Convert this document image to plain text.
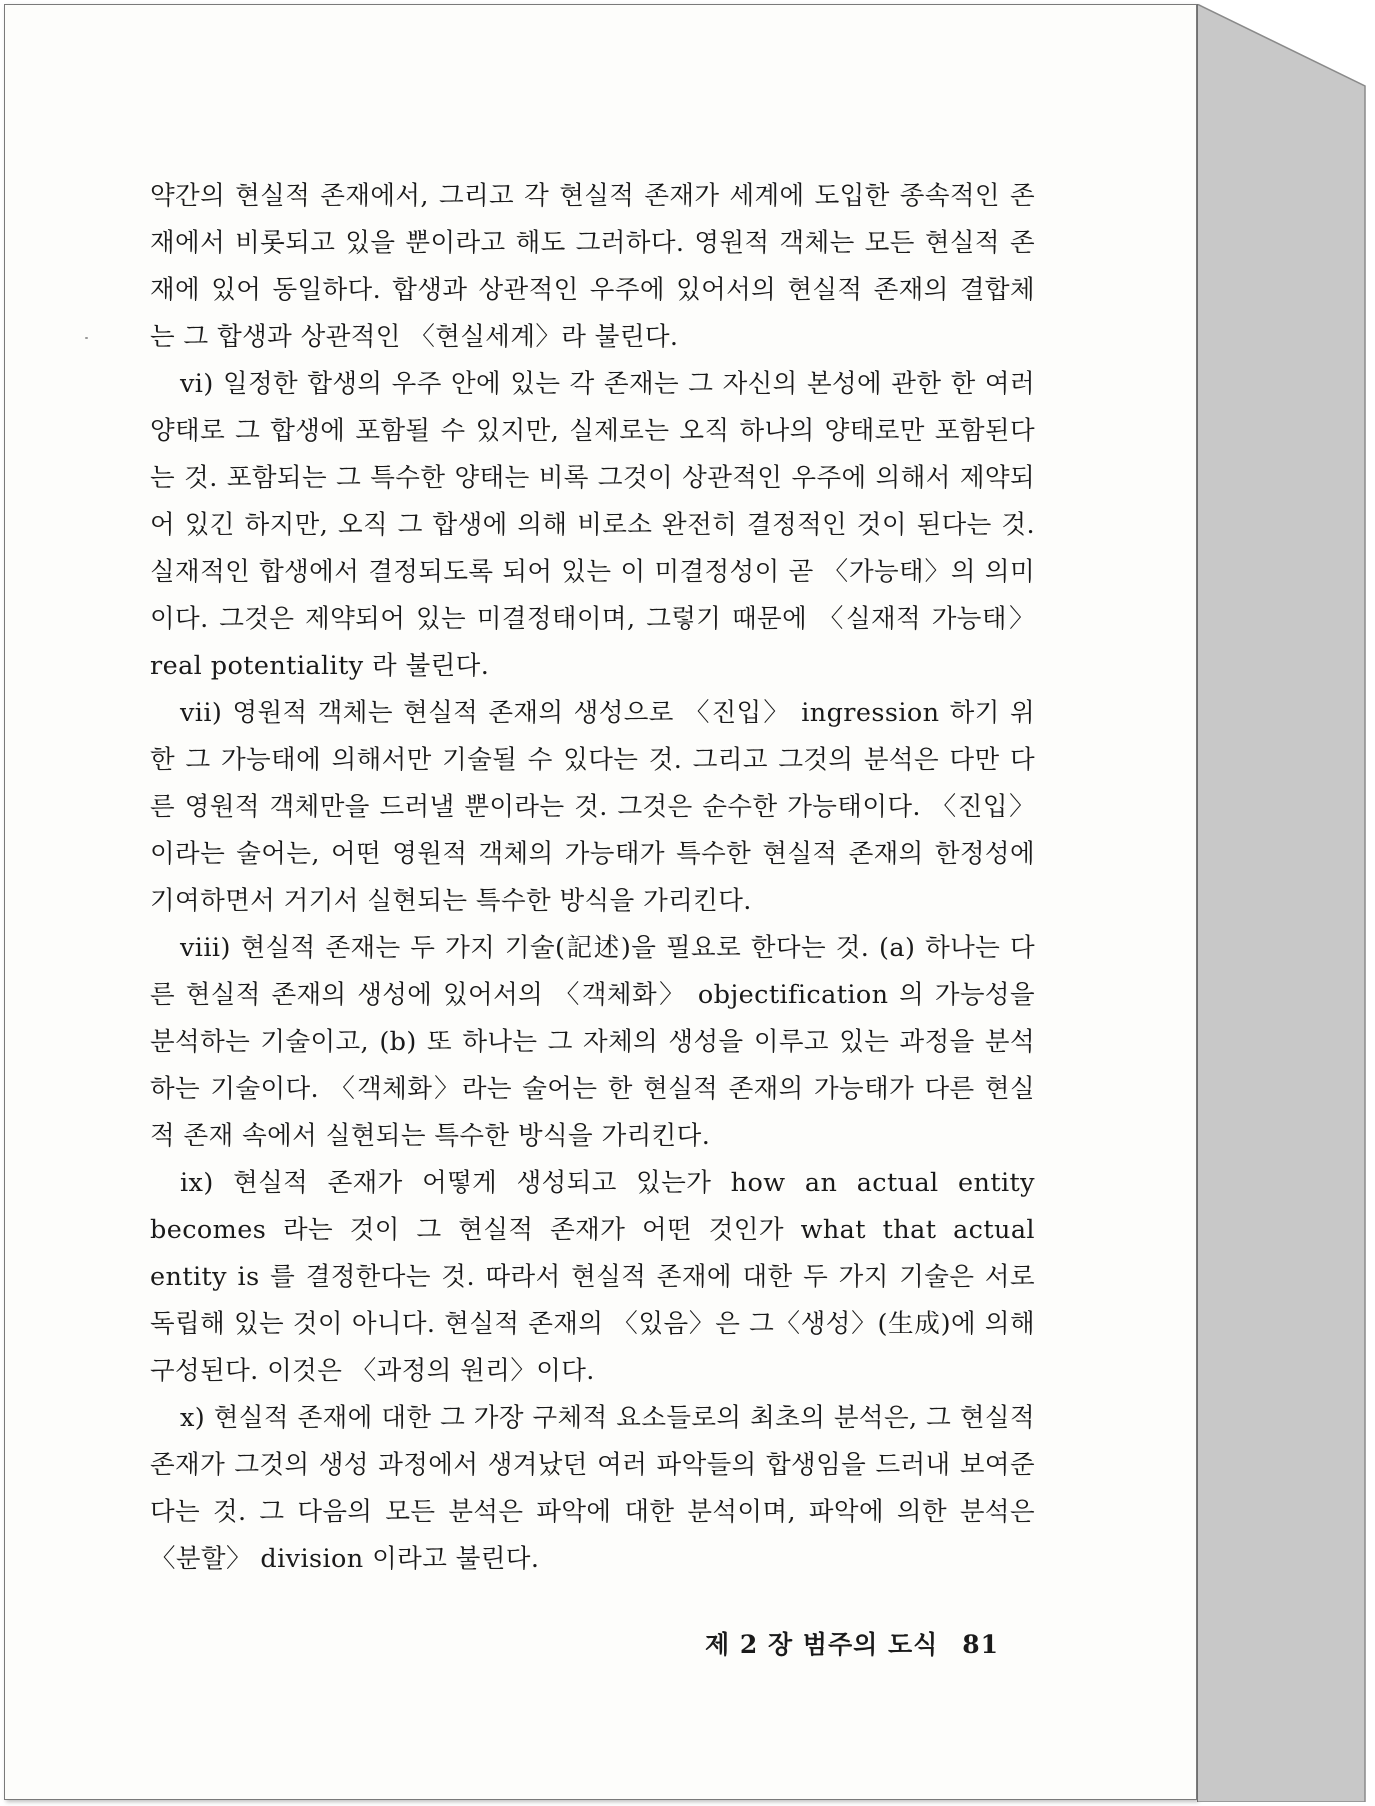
약간의 현실적 존재에서, 그리고 각 현실적 존재가 세계에 도입한 종속적인 존재에서 비롯되고 있을 뿐이라고 해도 그러하다. 영원적 객체는 모든 현실적 존재에 있어 동일하다. 합생과 상관적인 우주에 있어서의 현실적 존재의 결합체는 그 합생과 상관적인 〈현실세계〉라 불린다.

vi) 일정한 합생의 우주 안에 있는 각 존재는 그 자신의 본성에 관한 한 여러 양태로 그 합생에 포함될 수 있지만, 실제로는 오직 하나의 양태로만 포함된다는 것. 포함되는 그 특수한 양태는 비록 그것이 상관적인 우주에 의해서 제약되어 있긴 하지만, 오직 그 합생에 의해 비로소 완전히 결정적인 것이 된다는 것. 실재적인 합생에서 결정되도록 되어 있는 이 미결정성이 곧 〈가능태〉의 의미이다. 그것은 제약되어 있는 미결정태이며, 그렇기 때문에 〈실재적 가능태〉 real potentiality 라 불린다.

vii) 영원적 객체는 현실적 존재의 생성으로 〈진입〉 ingression 하기 위한 그 가능태에 의해서만 기술될 수 있다는 것. 그리고 그것의 분석은 다만 다른 영원적 객체만을 드러낼 뿐이라는 것. 그것은 순수한 가능태이다. 〈진입〉이라는 술어는, 어떤 영원적 객체의 가능태가 특수한 현실적 존재의 한정성에 기여하면서 거기서 실현되는 특수한 방식을 가리킨다.

viii) 현실적 존재는 두 가지 기술(記述)을 필요로 한다는 것. (a) 하나는 다른 현실적 존재의 생성에 있어서의 〈객체화〉 objectification 의 가능성을 분석하는 기술이고, (b) 또 하나는 그 자체의 생성을 이루고 있는 과정을 분석하는 기술이다. 〈객체화〉라는 술어는 한 현실적 존재의 가능태가 다른 현실적 존재 속에서 실현되는 특수한 방식을 가리킨다.

ix) 현실적 존재가 어떻게 생성되고 있는가 how an actual entity becomes 라는 것이 그 현실적 존재가 어떤 것인가 what that actual entity is 를 결정한다는 것. 따라서 현실적 존재에 대한 두 가지 기술은 서로 독립해 있는 것이 아니다. 현실적 존재의 〈있음〉은 그〈생성〉(生成)에 의해 구성된다. 이것은 〈과정의 원리〉이다.

x) 현실적 존재에 대한 그 가장 구체적 요소들로의 최초의 분석은, 그 현실적 존재가 그것의 생성 과정에서 생겨났던 여러 파악들의 합생임을 드러내 보여준다는 것. 그 다음의 모든 분석은 파악에 대한 분석이며, 파악에 의한 분석은 〈분할〉 division 이라고 불린다.

제 2 장 범주의 도식 81
